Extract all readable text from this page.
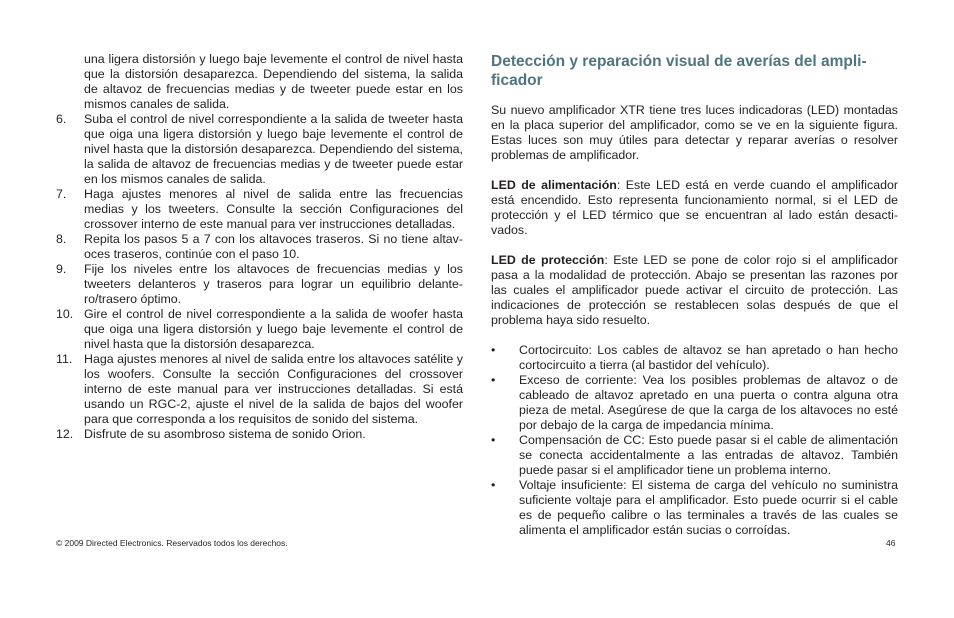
una ligera distorsión y luego baje levemente el control de nivel hasta que la distorsión desaparezca. Dependiendo del sistema, la salida de altavoz de frecuencias medias y de tweeter puede estar en los mismos canales de salida.
6.	Suba el control de nivel correspondiente a la salida de tweeter hasta que oiga una ligera distorsión y luego baje levemente el control de nivel hasta que la distorsión desaparezca. Dependiendo del sistema, la salida de altavoz de frecuencias medias y de tweeter puede estar en los mismos canales de salida.
7.	Haga ajustes menores al nivel de salida entre las frecuencias medias y los tweeters. Consulte la sección Configuraciones del crossover interno de este manual para ver instrucciones detalladas.
8.	Repita los pasos 5 a 7 con los altavoces traseros. Si no tiene altavoces traseros, continúe con el paso 10.
9.	Fije los niveles entre los altavoces de frecuencias medias y los tweeters delanteros y traseros para lograr un equilibrio delantero/trasero óptimo.
10. Gire el control de nivel correspondiente a la salida de woofer hasta que oiga una ligera distorsión y luego baje levemente el control de nivel hasta que la distorsión desaparezca.
11. Haga ajustes menores al nivel de salida entre los altavoces satélite y los woofers. Consulte la sección Configuraciones del crossover interno de este manual para ver instrucciones detalladas. Si está usando un RGC-2, ajuste el nivel de la salida de bajos del woofer para que corresponda a los requisitos de sonido del sistema.
12. Disfrute de su asombroso sistema de sonido Orion.
Detección y reparación visual de averías del amplificador

Su nuevo amplificador XTR tiene tres luces indicadoras (LED) montadas en la placa superior del amplificador, como se ve en la siguiente figura. Estas luces son muy útiles para detectar y reparar averías o resolver problemas de amplificador.

LED de alimentación: Este LED está en verde cuando el amplificador está encendido. Esto representa funcionamiento normal, si el LED de protección y el LED térmico que se encuentran al lado están desactivados.

LED de protección: Este LED se pone de color rojo si el amplificador pasa a la modalidad de protección. Abajo se presentan las razones por las cuales el amplificador puede activar el circuito de protección. Las indicaciones de protección se restablecen solas después de que el problema haya sido resuelto.

•	Cortocircuito: Los cables de altavoz se han apretado o han hecho cortocircuito a tierra (al bastidor del vehículo).
•	Exceso de corriente: Vea los posibles problemas de altavoz o de cableado de altavoz apretado en una puerta o contra alguna otra pieza de metal. Asegúrese de que la carga de los altavoces no esté por debajo de la carga de impedancia mínima.
•	Compensación de CC: Esto puede pasar si el cable de alimentación se conecta accidentalmente a las entradas de altavoz. También puede pasar si el amplificador tiene un problema interno.
•	Voltaje insuficiente: El sistema de carga del vehículo no suministra suficiente voltaje para el amplificador. Esto puede ocurrir si el cable es de pequeño calibre o las terminales a través de las cuales se alimenta el amplificador están sucias o corroídas.
© 2009 Directed Electronics. Reservados todos los derechos.	46
